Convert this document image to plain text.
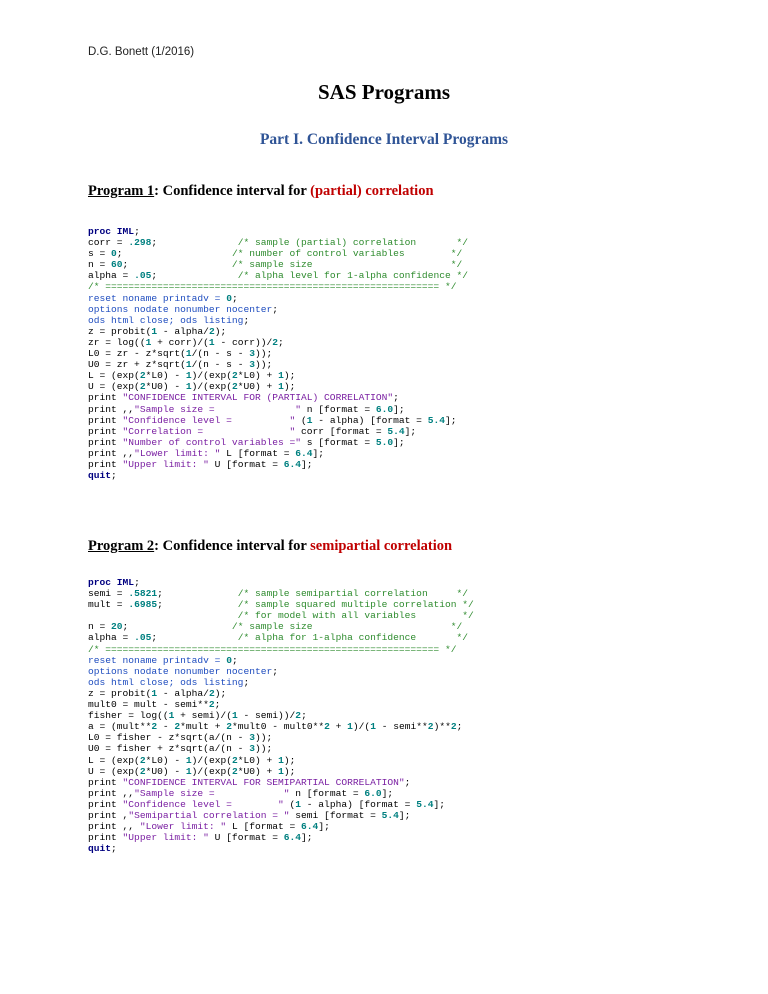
D.G. Bonett (1/2016)
SAS Programs
Part I. Confidence Interval Programs
Program 1: Confidence interval for (partial) correlation
proc IML;
corr = .298;              /* sample (partial) correlation       */
s = 0;                   /* number of control variables        */
n = 60;                  /* sample size                        */
alpha = .05;              /* alpha level for 1-alpha confidence */
/* ========================================================== */
reset noname printadv = 0;
options nodate nonumber nocenter;
ods html close; ods listing;
z = probit(1 - alpha/2);
zr = log((1 + corr)/(1 - corr))/2;
L0 = zr - z*sqrt(1/(n - s - 3));
U0 = zr + z*sqrt(1/(n - s - 3));
L = (exp(2*L0) - 1)/(exp(2*L0) + 1);
U = (exp(2*U0) - 1)/(exp(2*U0) + 1);
print "CONFIDENCE INTERVAL FOR (PARTIAL) CORRELATION";
print ,,"Sample size =              " n [format = 6.0];
print "Confidence level =          " (1 - alpha) [format = 5.4];
print "Correlation =               " corr [format = 5.4];
print "Number of control variables =" s [format = 5.0];
print ,,"Lower limit: " L [format = 6.4];
print "Upper limit: " U [format = 6.4];
quit;

Program 2: Confidence interval for semipartial correlation
proc IML;
semi = .5821;             /* sample semipartial correlation     */
mult = .6985;             /* sample squared multiple correlation */
/* for model with all variables        */
n = 20;                  /* sample size                        */
alpha = .05;              /* alpha for 1-alpha confidence       */
/* ========================================================== */
reset noname printadv = 0;
options nodate nonumber nocenter;
ods html close; ods listing;
z = probit(1 - alpha/2);
mult0 = mult - semi**2;
fisher = log((1 + semi)/(1 - semi))/2;
a = (mult**2 - 2*mult + 2*mult0 - mult0**2 + 1)/(1 - semi**2)**2;
L0 = fisher - z*sqrt(a/(n - 3));
U0 = fisher + z*sqrt(a/(n - 3));
L = (exp(2*L0) - 1)/(exp(2*L0) + 1);
U = (exp(2*U0) - 1)/(exp(2*U0) + 1);
print "CONFIDENCE INTERVAL FOR SEMIPARTIAL CORRELATION";
print ,,"Sample size =            " n [format = 6.0];
print "Confidence level =        " (1 - alpha) [format = 5.4];
print ,"Semipartial correlation = " semi [format = 5.4];
print ,, "Lower limit: " L [format = 6.4];
print "Upper limit: " U [format = 6.4];
quit;
